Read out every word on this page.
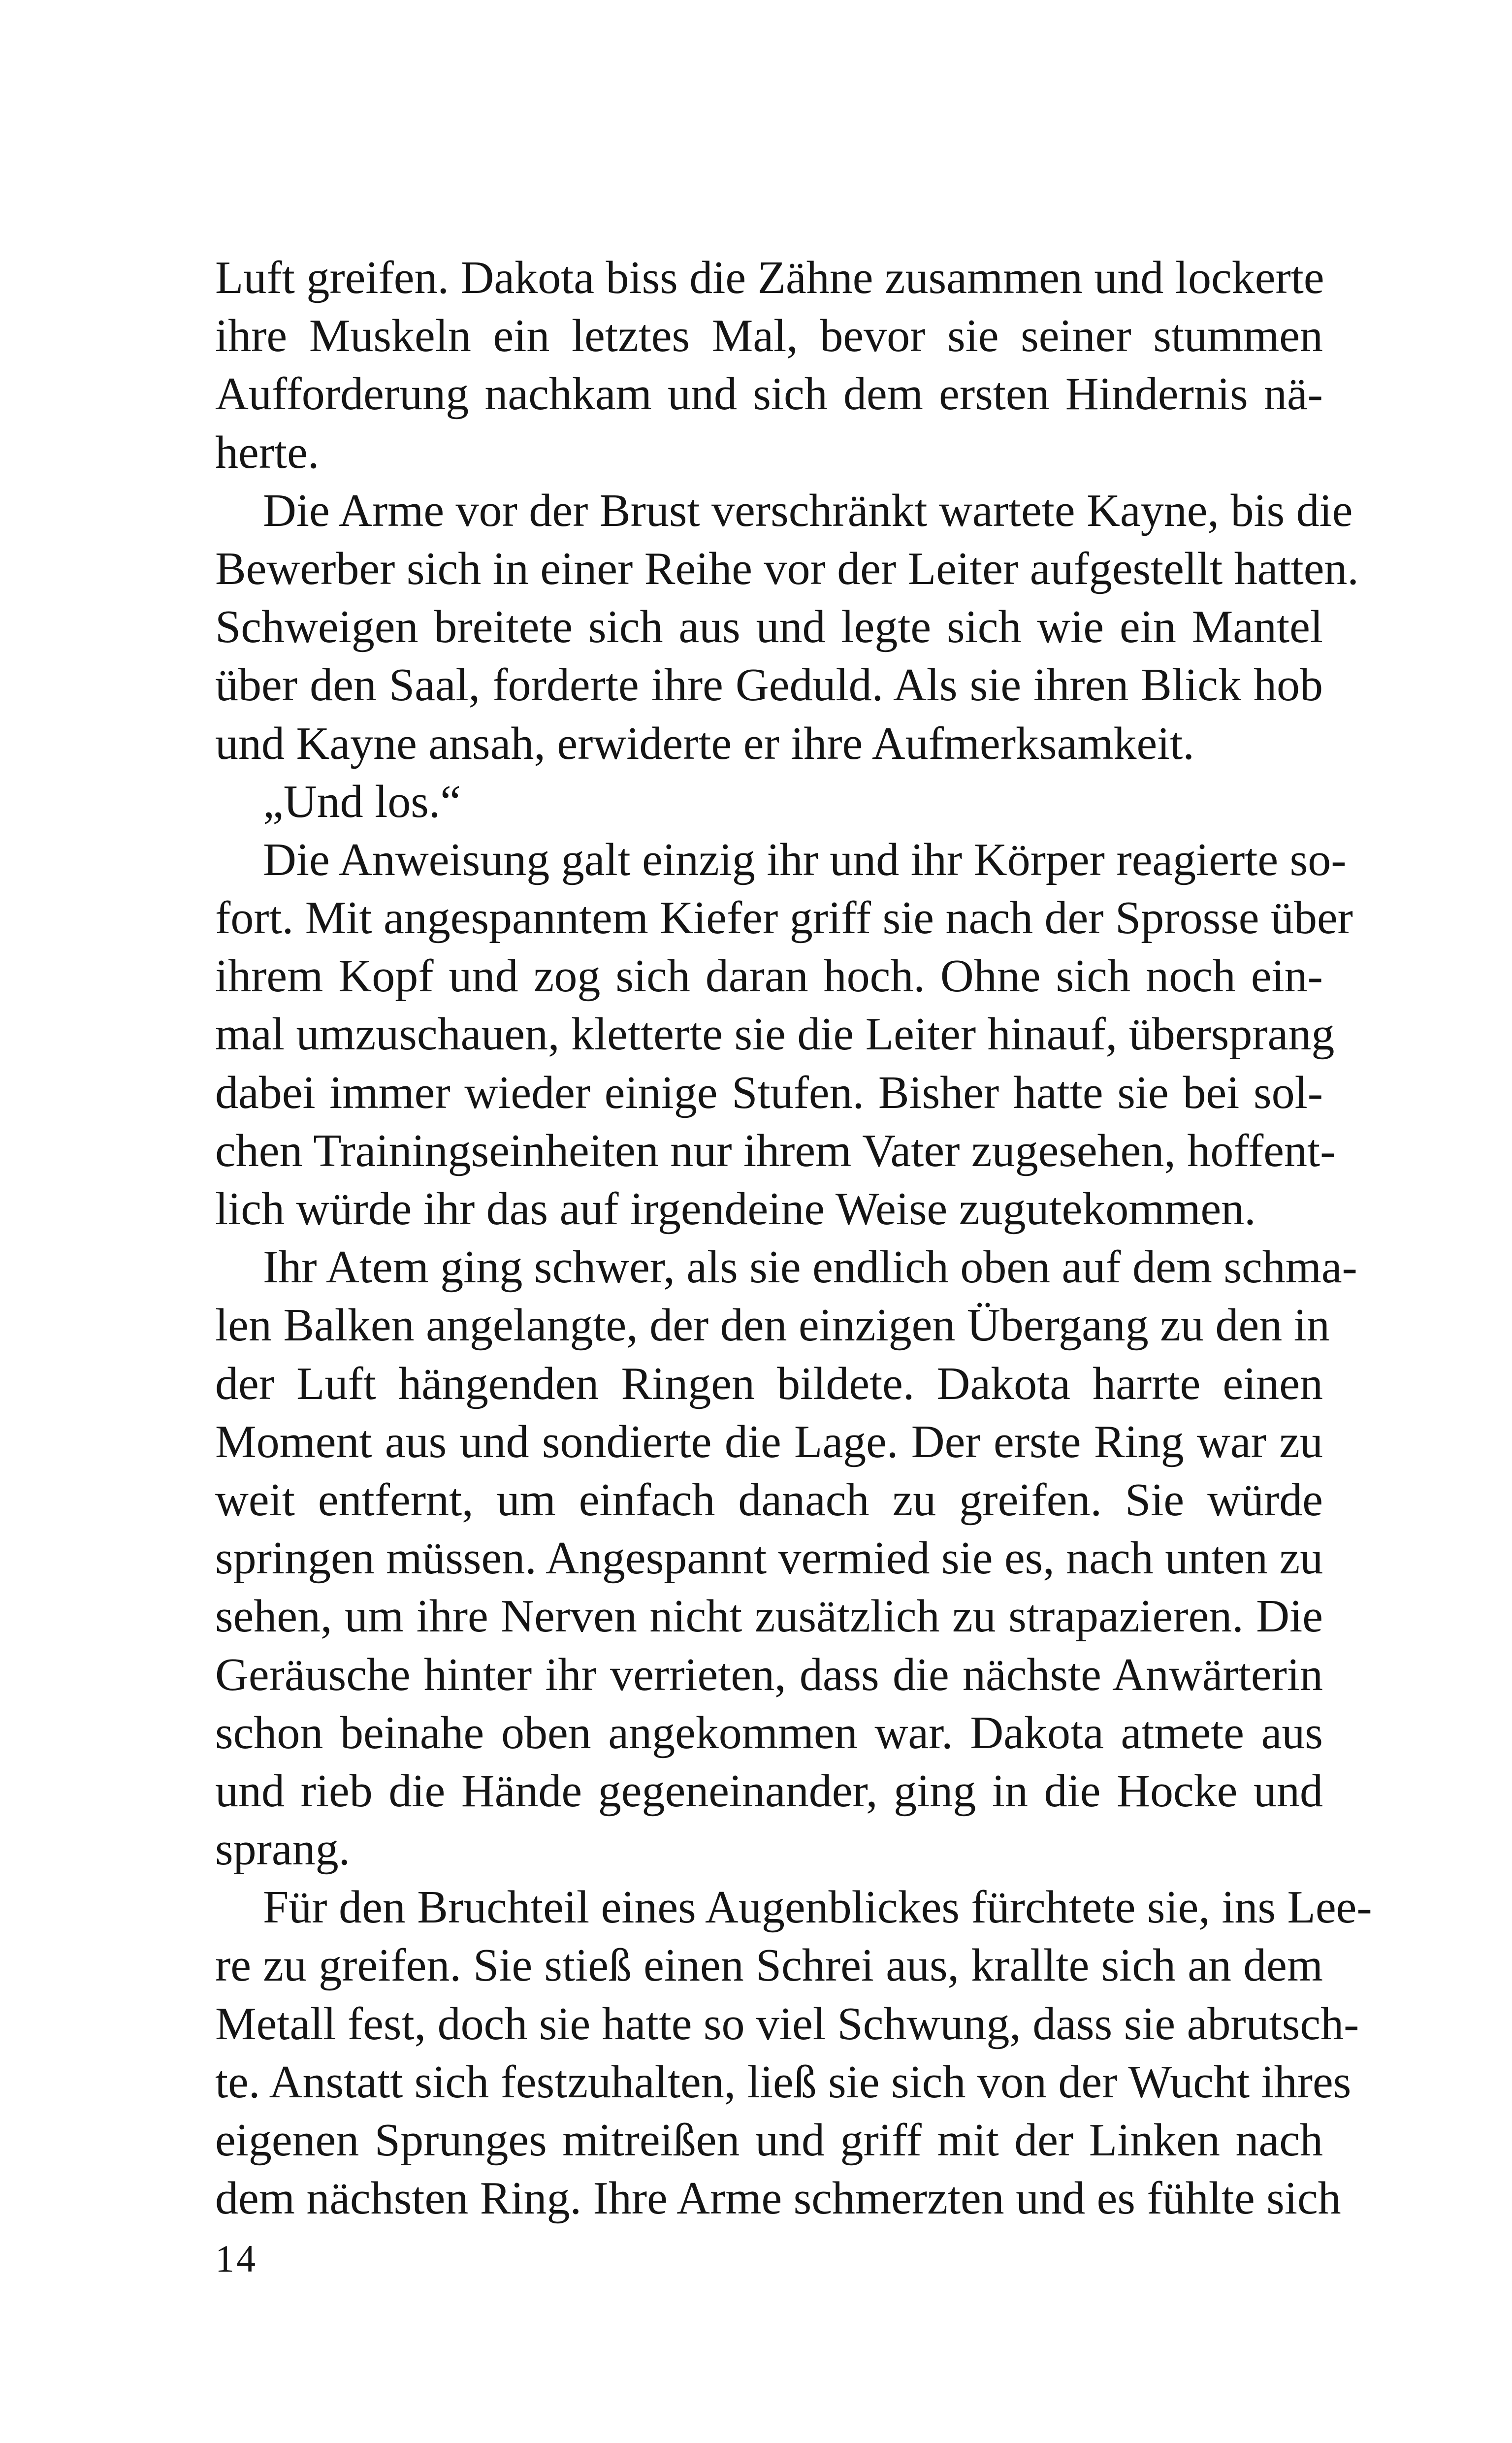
Luft greifen. Dakota biss die Zähne zusammen und lockerte
ihre Muskeln ein letztes Mal, bevor sie seiner stummen
Aufforderung nachkam und sich dem ersten Hindernis nä-
herte.
Die Arme vor der Brust verschränkt wartete Kayne, bis die
Bewerber sich in einer Reihe vor der Leiter aufgestellt hatten.
Schweigen breitete sich aus und legte sich wie ein Mantel
über den Saal, forderte ihre Geduld. Als sie ihren Blick hob
und Kayne ansah, erwiderte er ihre Aufmerksamkeit.
„Und los.“
Die Anweisung galt einzig ihr und ihr Körper reagierte so-
fort. Mit angespanntem Kiefer griff sie nach der Sprosse über
ihrem Kopf und zog sich daran hoch. Ohne sich noch ein-
mal umzuschauen, kletterte sie die Leiter hinauf, übersprang
dabei immer wieder einige Stufen. Bisher hatte sie bei sol-
chen Trainingseinheiten nur ihrem Vater zugesehen, hoffent-
lich würde ihr das auf irgendeine Weise zugutekommen.
Ihr Atem ging schwer, als sie endlich oben auf dem schma-
len Balken angelangte, der den einzigen Übergang zu den in
der Luft hängenden Ringen bildete. Dakota harrte einen
Moment aus und sondierte die Lage. Der erste Ring war zu
weit entfernt, um einfach danach zu greifen. Sie würde
springen müssen. Angespannt vermied sie es, nach unten zu
sehen, um ihre Nerven nicht zusätzlich zu strapazieren. Die
Geräusche hinter ihr verrieten, dass die nächste Anwärterin
schon beinahe oben angekommen war. Dakota atmete aus
und rieb die Hände gegeneinander, ging in die Hocke und
sprang.
Für den Bruchteil eines Augenblickes fürchtete sie, ins Lee-
re zu greifen. Sie stieß einen Schrei aus, krallte sich an dem
Metall fest, doch sie hatte so viel Schwung, dass sie abrutsch-
te. Anstatt sich festzuhalten, ließ sie sich von der Wucht ihres
eigenen Sprunges mitreißen und griff mit der Linken nach
dem nächsten Ring. Ihre Arme schmerzten und es fühlte sich
14
